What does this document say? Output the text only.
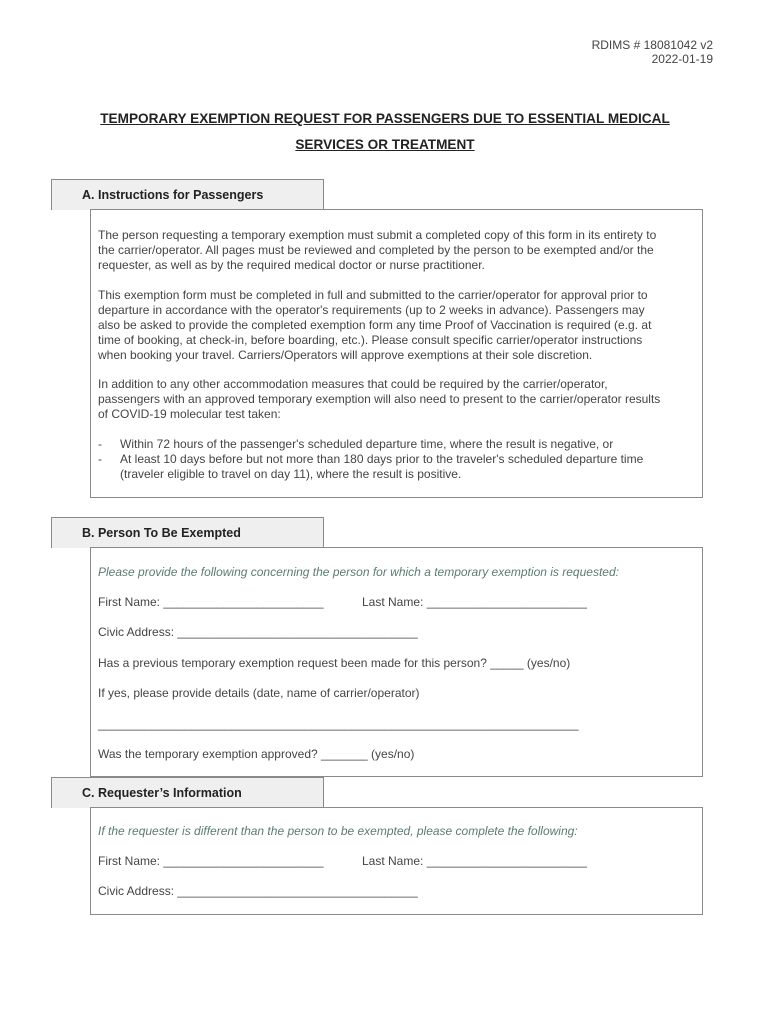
RDIMS # 18081042 v2
2022-01-19
TEMPORARY EXEMPTION REQUEST FOR PASSENGERS DUE TO ESSENTIAL MEDICAL
SERVICES OR TREATMENT
A. Instructions for Passengers
The person requesting a temporary exemption must submit a completed copy of this form in its entirety to
the carrier/operator. All pages must be reviewed and completed by the person to be exempted and/or the
requester, as well as by the required medical doctor or nurse practitioner.
This exemption form must be completed in full and submitted to the carrier/operator for approval prior to
departure in accordance with the operator's requirements (up to 2 weeks in advance). Passengers may
also be asked to provide the completed exemption form any time Proof of Vaccination is required (e.g. at
time of booking, at check-in, before boarding, etc.). Please consult specific carrier/operator instructions
when booking your travel. Carriers/Operators will approve exemptions at their sole discretion.
In addition to any other accommodation measures that could be required by the carrier/operator,
passengers with an approved temporary exemption will also need to present to the carrier/operator results
of COVID-19 molecular test taken:
-	Within 72 hours of the passenger's scheduled departure time, where the result is negative, or
-	At least 10 days before but not more than 180 days prior to the traveler's scheduled departure time
(traveler eligible to travel on day 11), where the result is positive.
B. Person To Be Exempted
Please provide the following concerning the person for which a temporary exemption is requested:
First Name: ________________________	Last Name: ________________________
Civic Address: ____________________________________
Has a previous temporary exemption request been made for this person? _____ (yes/no)
If yes, please provide details (date, name of carrier/operator)
________________________________________________________________________
Was the temporary exemption approved? _______ (yes/no)
C. Requester’s Information
If the requester is different than the person to be exempted, please complete the following:
First Name: ________________________	Last Name: ________________________
Civic Address: ____________________________________
